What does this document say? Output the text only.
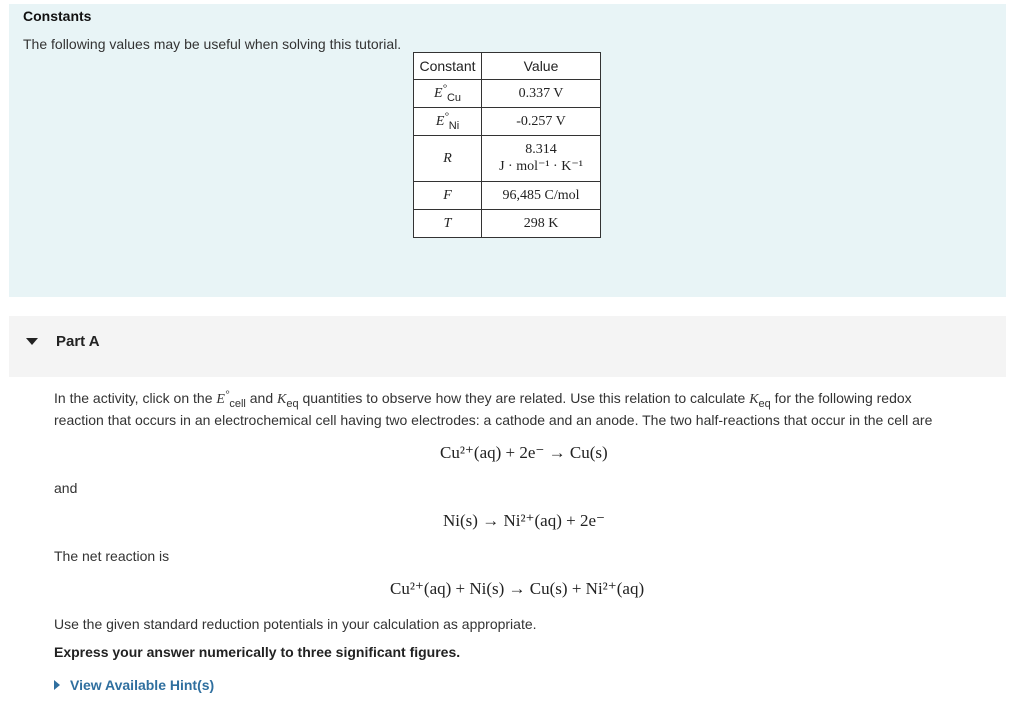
Constants
The following values may be useful when solving this tutorial.
Constant	Value
$E^\circ_{Cu}$	0.337 V
$E^\circ_{Ni}$	-0.257 V
R	8.314
J · mol⁻¹ · K⁻¹

F	96,485 C/mol
T	298 K
Part A
In the activity, click on the $E^\circ_{cell}$ and $K_{eq}$ quantities to observe how they are related. Use this relation to calculate $K_{eq}$ for the following redox
reaction that occurs in an electrochemical cell having two electrodes: a cathode and an anode. The two half-reactions that occur in the cell are
Cu²⁺(aq) + 2e⁻ → Cu(s)
and
Ni(s) → Ni²⁺(aq) + 2e⁻
The net reaction is
Cu²⁺(aq) + Ni(s) → Cu(s) + Ni²⁺(aq)
Use the given standard reduction potentials in your calculation as appropriate.
Express your answer numerically to three significant figures.
View Available Hint(s)
